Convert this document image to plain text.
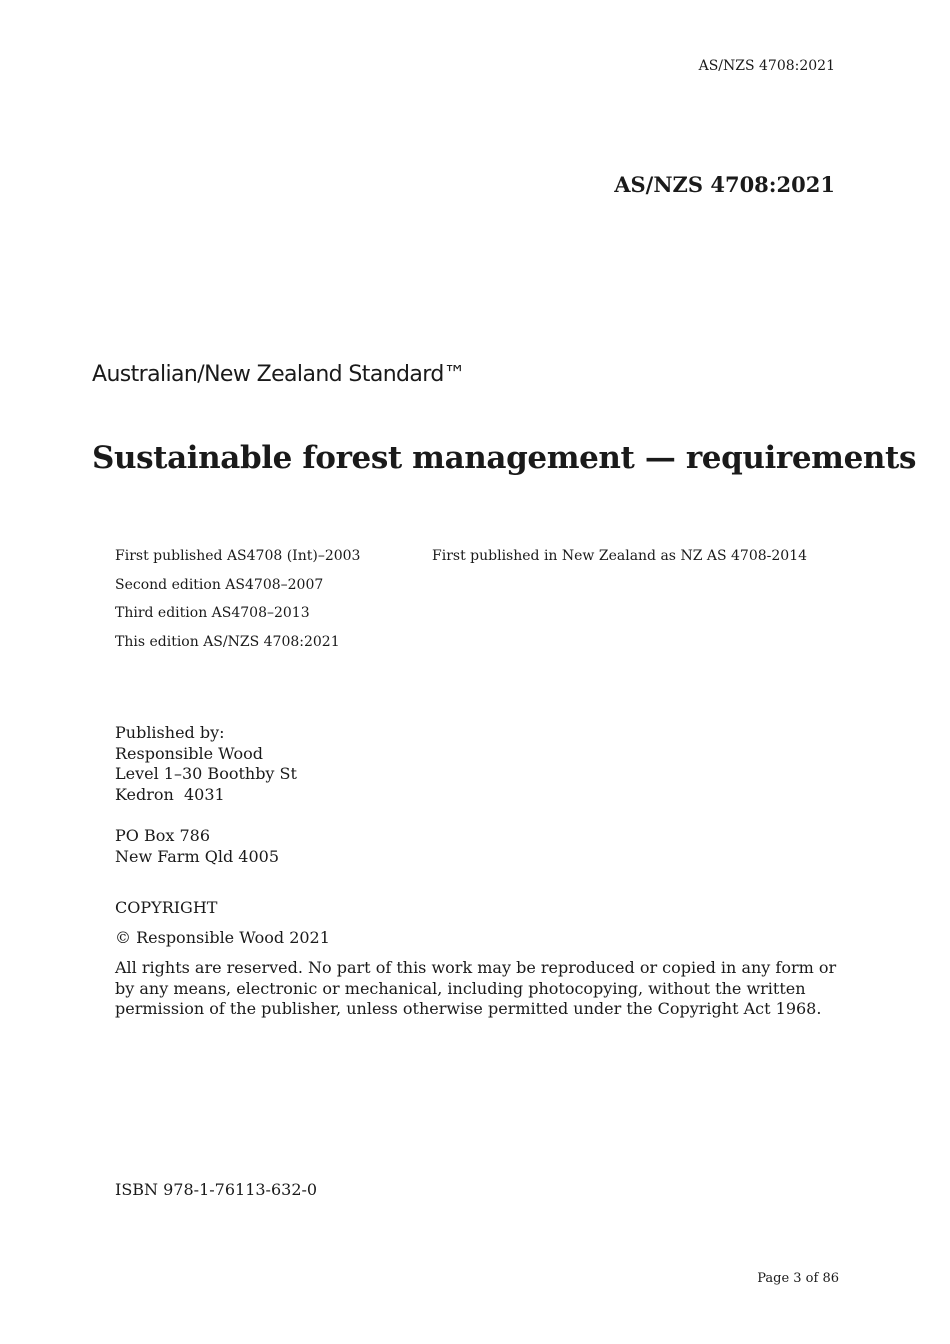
AS/NZS 4708:2021
AS/NZS 4708:2021
Australian/New Zealand Standard™
Sustainable forest management — requirements
First published AS4708 (Int)–2003
Second edition AS4708–2007
Third edition AS4708–2013
This edition AS/NZS 4708:2021
First published in New Zealand as NZ AS 4708-2014
Published by:
Responsible Wood
Level 1–30 Boothby St
Kedron  4031
PO Box 786
New Farm Qld 4005
COPYRIGHT
© Responsible Wood 2021
All rights are reserved. No part of this work may be reproduced or copied in any form or by any means, electronic or mechanical, including photocopying, without the written permission of the publisher, unless otherwise permitted under the Copyright Act 1968.
ISBN 978-1-76113-632-0
Page 3 of 86
